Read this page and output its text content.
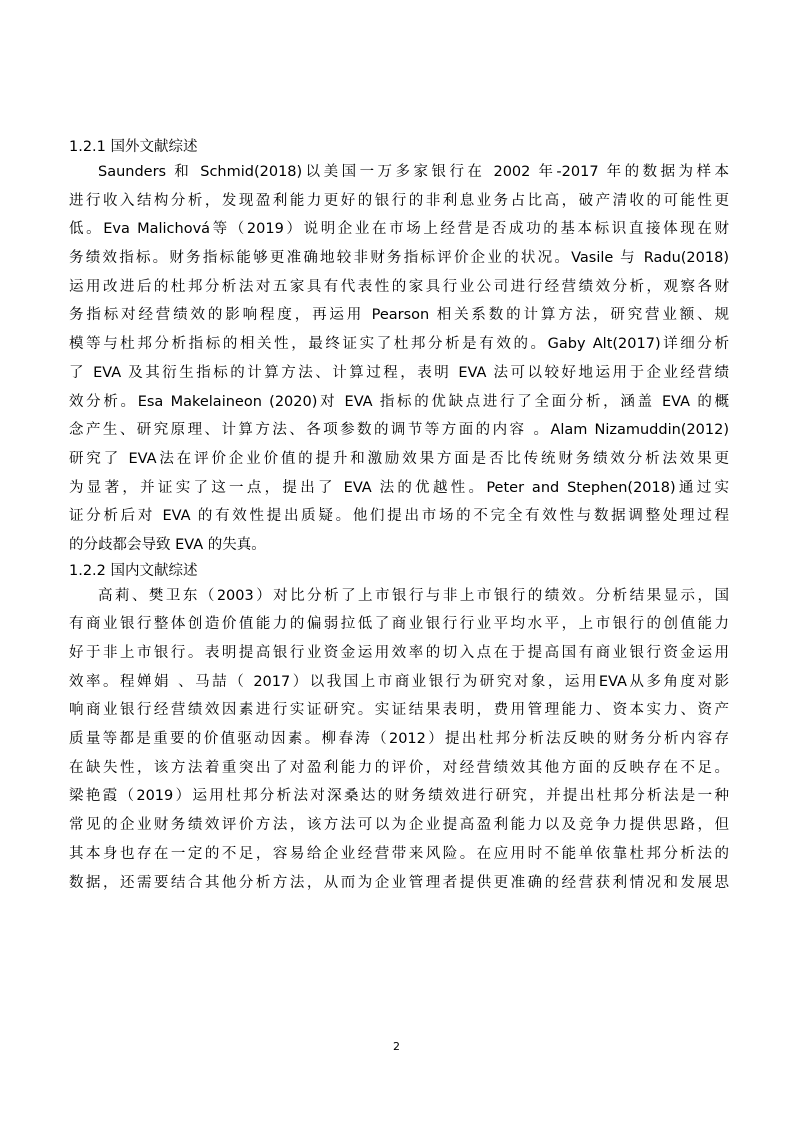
1.2.1 国外文献综述
Saunders 和 Schmid(2018)以美国一万多家银行在 2002 年-2017 年的数据为样本
进行收入结构分析，发现盈利能力更好的银行的非利息业务占比高，破产清收的可能性更
低。Eva Malichová等（2019）说明企业在市场上经营是否成功的基本标识直接体现在财
务绩效指标。财务指标能够更准确地较非财务指标评价企业的状况。Vasile 与 Radu(2018)
运用改进后的杜邦分析法对五家具有代表性的家具行业公司进行经营绩效分析，观察各财
务指标对经营绩效的影响程度，再运用 Pearson 相关系数的计算方法，研究营业额、规
模等与杜邦分析指标的相关性，最终证实了杜邦分析是有效的。Gaby Alt(2017)详细分析
了 EVA 及其衍生指标的计算方法、计算过程，表明 EVA 法可以较好地运用于企业经营绩
效分析。Esa Makelaineon (2020)对 EVA 指标的优缺点进行了全面分析，涵盖 EVA 的概
念产生、研究原理、计算方法、各项参数的调节等方面的内容 。Alam Nizamuddin(2012)
研究了 EVA法在评价企业价值的提升和激励效果方面是否比传统财务绩效分析法效果更
为显著，并证实了这一点，提出了 EVA 法的优越性。Peter and Stephen(2018)通过实
证分析后对 EVA 的有效性提出质疑。他们提出市场的不完全有效性与数据调整处理过程
的分歧都会导致 EVA 的失真。
1.2.2 国内文献综述
高莉、樊卫东（2003）对比分析了上市银行与非上市银行的绩效。分析结果显示，国
有商业银行整体创造价值能力的偏弱拉低了商业银行行业平均水平，上市银行的创值能力
好于非上市银行。表明提高银行业资金运用效率的切入点在于提高国有商业银行资金运用
效率。程婵娟 、马喆（ 2017）以我国上市商业银行为研究对象，运用EVA从多角度对影
响商业银行经营绩效因素进行实证研究。实证结果表明，费用管理能力、资本实力、资产
质量等都是重要的价值驱动因素。柳春涛（2012）提出杜邦分析法反映的财务分析内容存
在缺失性，该方法着重突出了对盈利能力的评价，对经营绩效其他方面的反映存在不足。
梁艳霞（2019）运用杜邦分析法对深桑达的财务绩效进行研究，并提出杜邦分析法是一种
常见的企业财务绩效评价方法，该方法可以为企业提高盈利能力以及竞争力提供思路，但
其本身也存在一定的不足，容易给企业经营带来风险。在应用时不能单依靠杜邦分析法的
数据，还需要结合其他分析方法，从而为企业管理者提供更准确的经营获利情况和发展思
2
